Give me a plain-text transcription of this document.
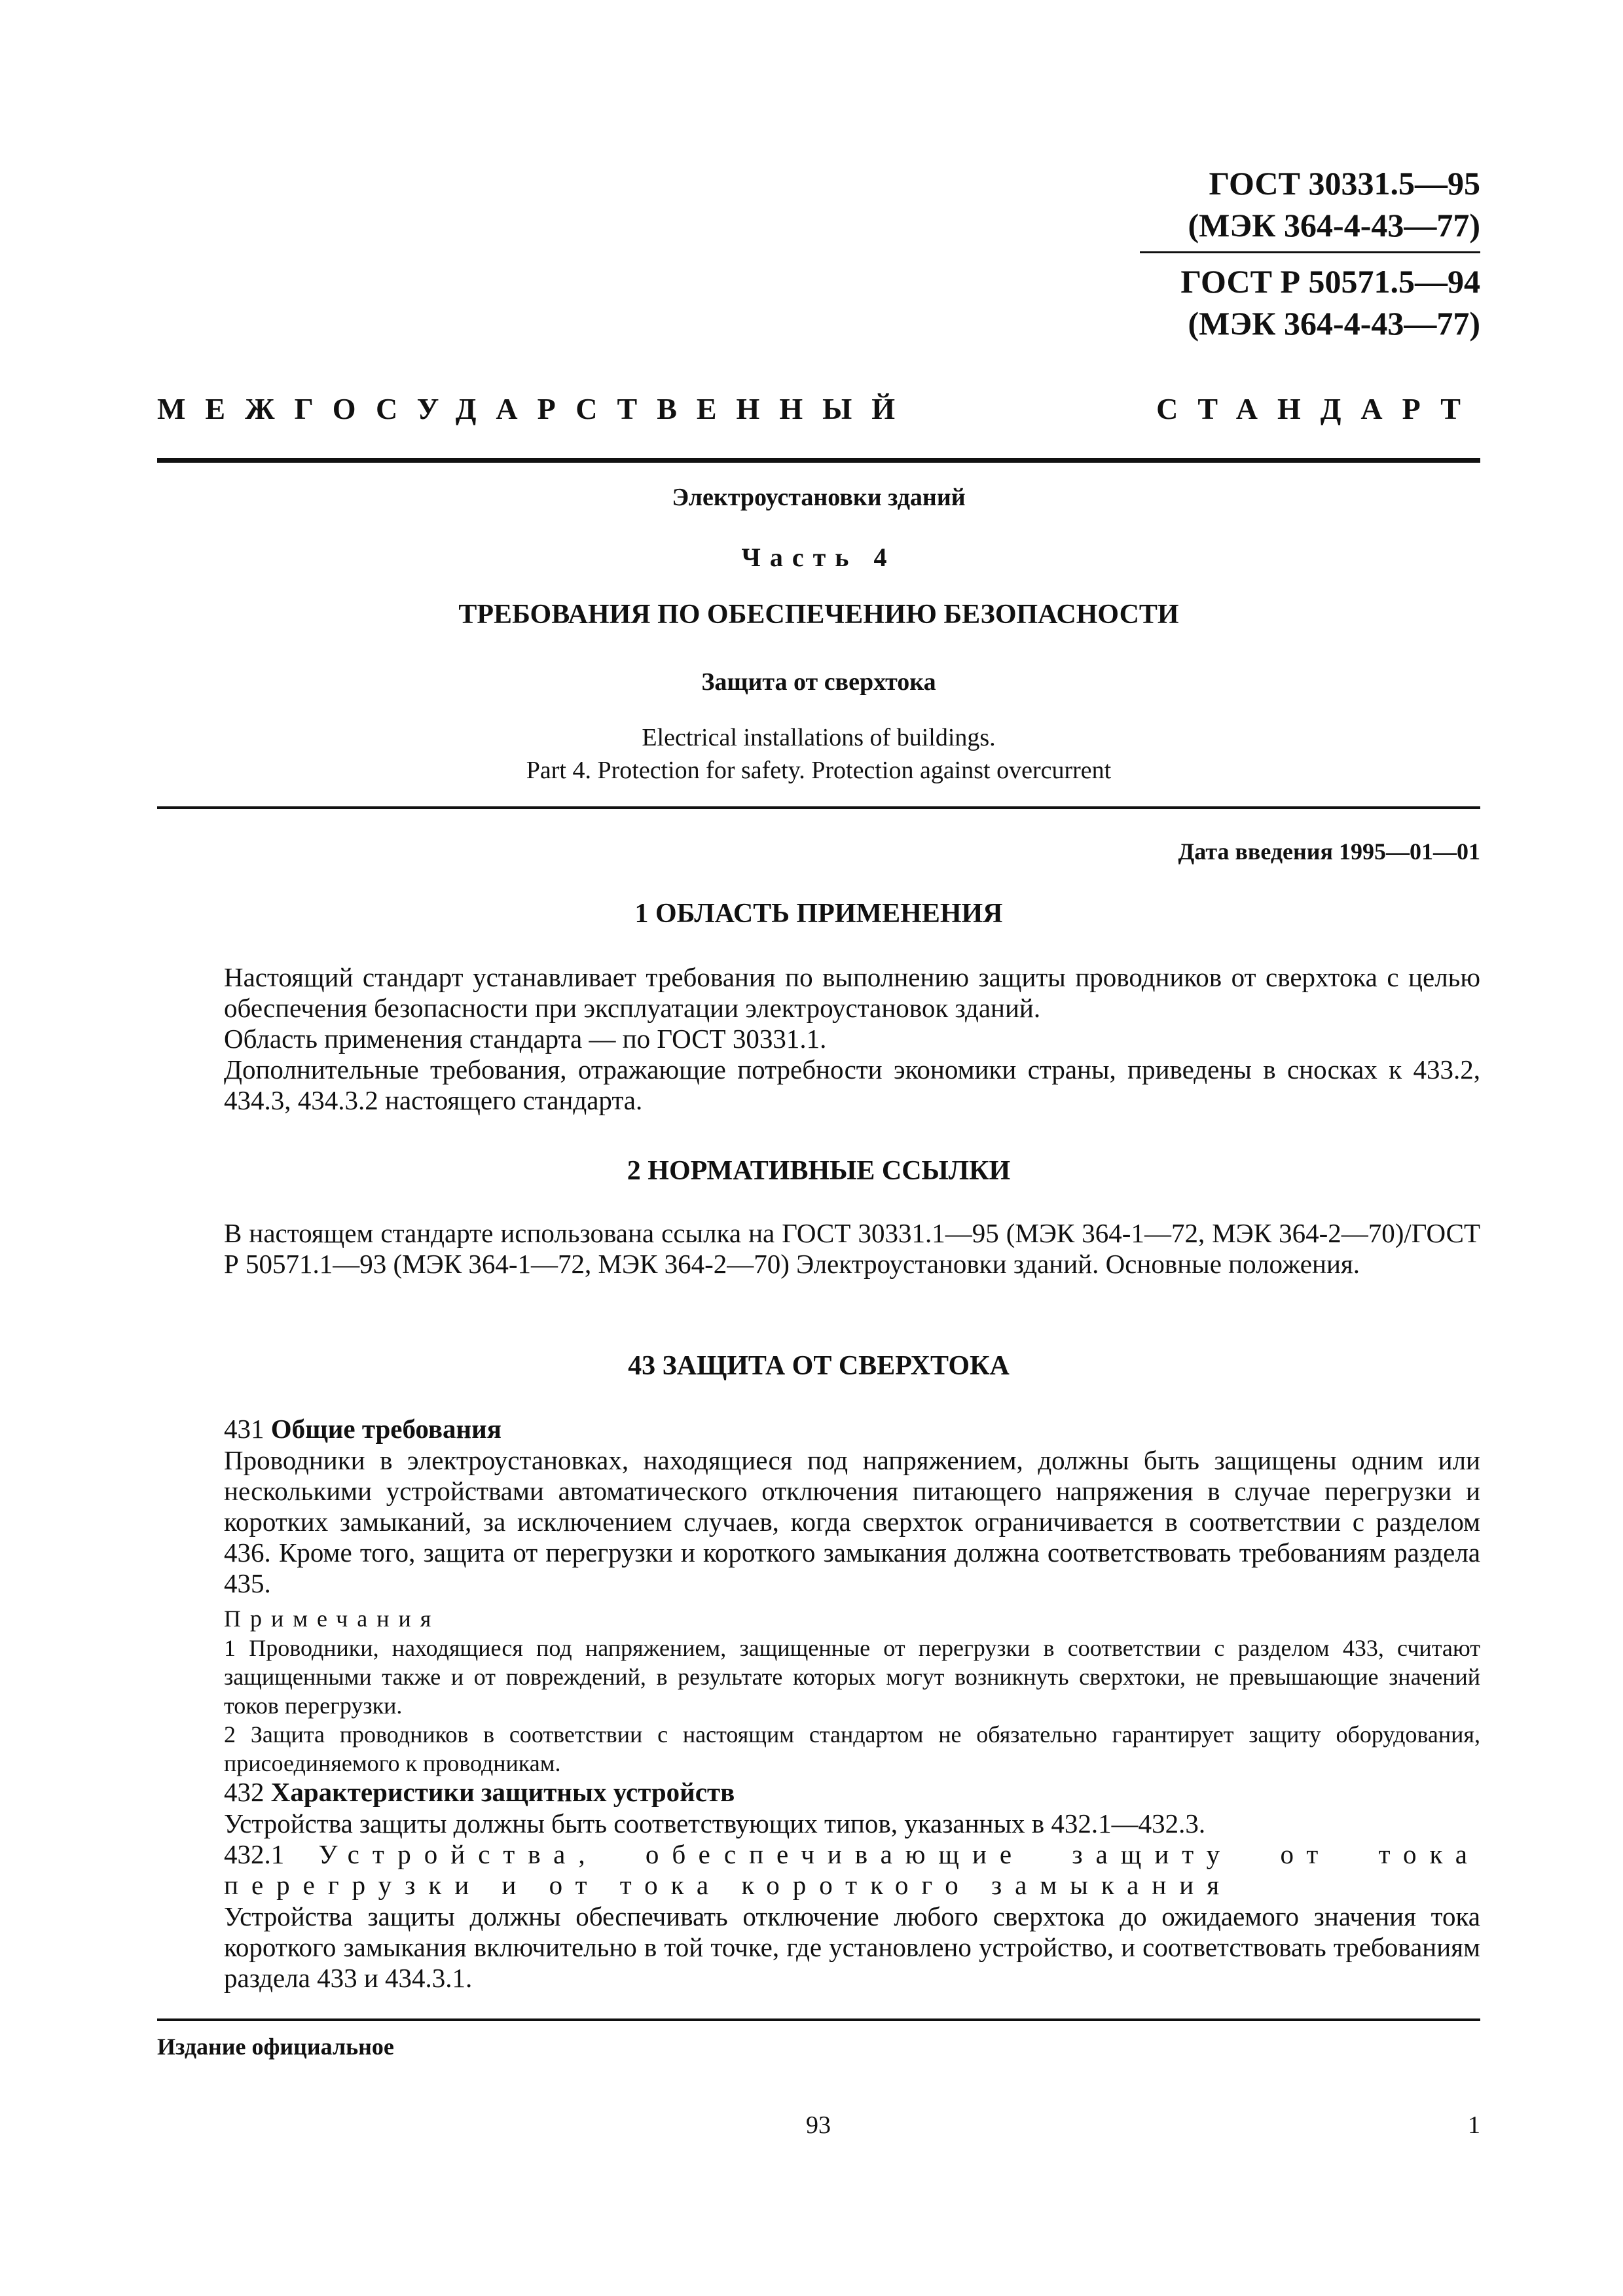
ГОСТ 30331.5—95
(МЭК 364-4-43—77)
ГОСТ Р 50571.5—94
(МЭК 364-4-43—77)
МЕЖГОСУДАРСТВЕННЫЙ	СТАНДАРТ
Электроустановки зданий
Часть 4
ТРЕБОВАНИЯ ПО ОБЕСПЕЧЕНИЮ БЕЗОПАСНОСТИ
Защита от сверхтока
Electrical installations of buildings.
Part 4. Protection for safety. Protection against overcurrent
Дата введения 1995—01—01
1 ОБЛАСТЬ ПРИМЕНЕНИЯ
Настоящий стандарт устанавливает требования по выполнению защиты проводников от сверхтока с целью обеспечения безопасности при эксплуатации электроустановок зданий.
Область применения стандарта — по ГОСТ 30331.1.
Дополнительные требования, отражающие потребности экономики страны, приведены в сносках к 433.2, 434.3, 434.3.2 настоящего стандарта.
2 НОРМАТИВНЫЕ ССЫЛКИ
В настоящем стандарте использована ссылка на ГОСТ 30331.1—95 (МЭК 364-1—72, МЭК 364-2—70)/ГОСТ Р 50571.1—93 (МЭК 364-1—72, МЭК 364-2—70) Электроустановки зданий. Основные положения.
43 ЗАЩИТА ОТ СВЕРХТОКА
431 Общие требования
Проводники в электроустановках, находящиеся под напряжением, должны быть защищены одним или несколькими устройствами автоматического отключения питающего напряжения в случае перегрузки и коротких замыканий, за исключением случаев, когда сверхток ограничивается в соответствии с разделом 436. Кроме того, защита от перегрузки и короткого замыкания должна соответствовать требованиям раздела 435.
Примечания
1 Проводники, находящиеся под напряжением, защищенные от перегрузки в соответствии с разделом 433, считают защищенными также и от повреждений, в результате которых могут возникнуть сверхтоки, не превышающие значений токов перегрузки.
2 Защита проводников в соответствии с настоящим стандартом не обязательно гарантирует защиту оборудования, присоединяемого к проводникам.
432 Характеристики защитных устройств
Устройства защиты должны быть соответствующих типов, указанных в 432.1—432.3.
432.1 Устройства, обеспечивающие защиту от тока перегрузки и от тока короткого замыкания
Устройства защиты должны обеспечивать отключение любого сверхтока до ожидаемого значения тока короткого замыкания включительно в той точке, где установлено устройство, и соответствовать требованиям раздела 433 и 434.3.1.
Издание официальное
93	1
